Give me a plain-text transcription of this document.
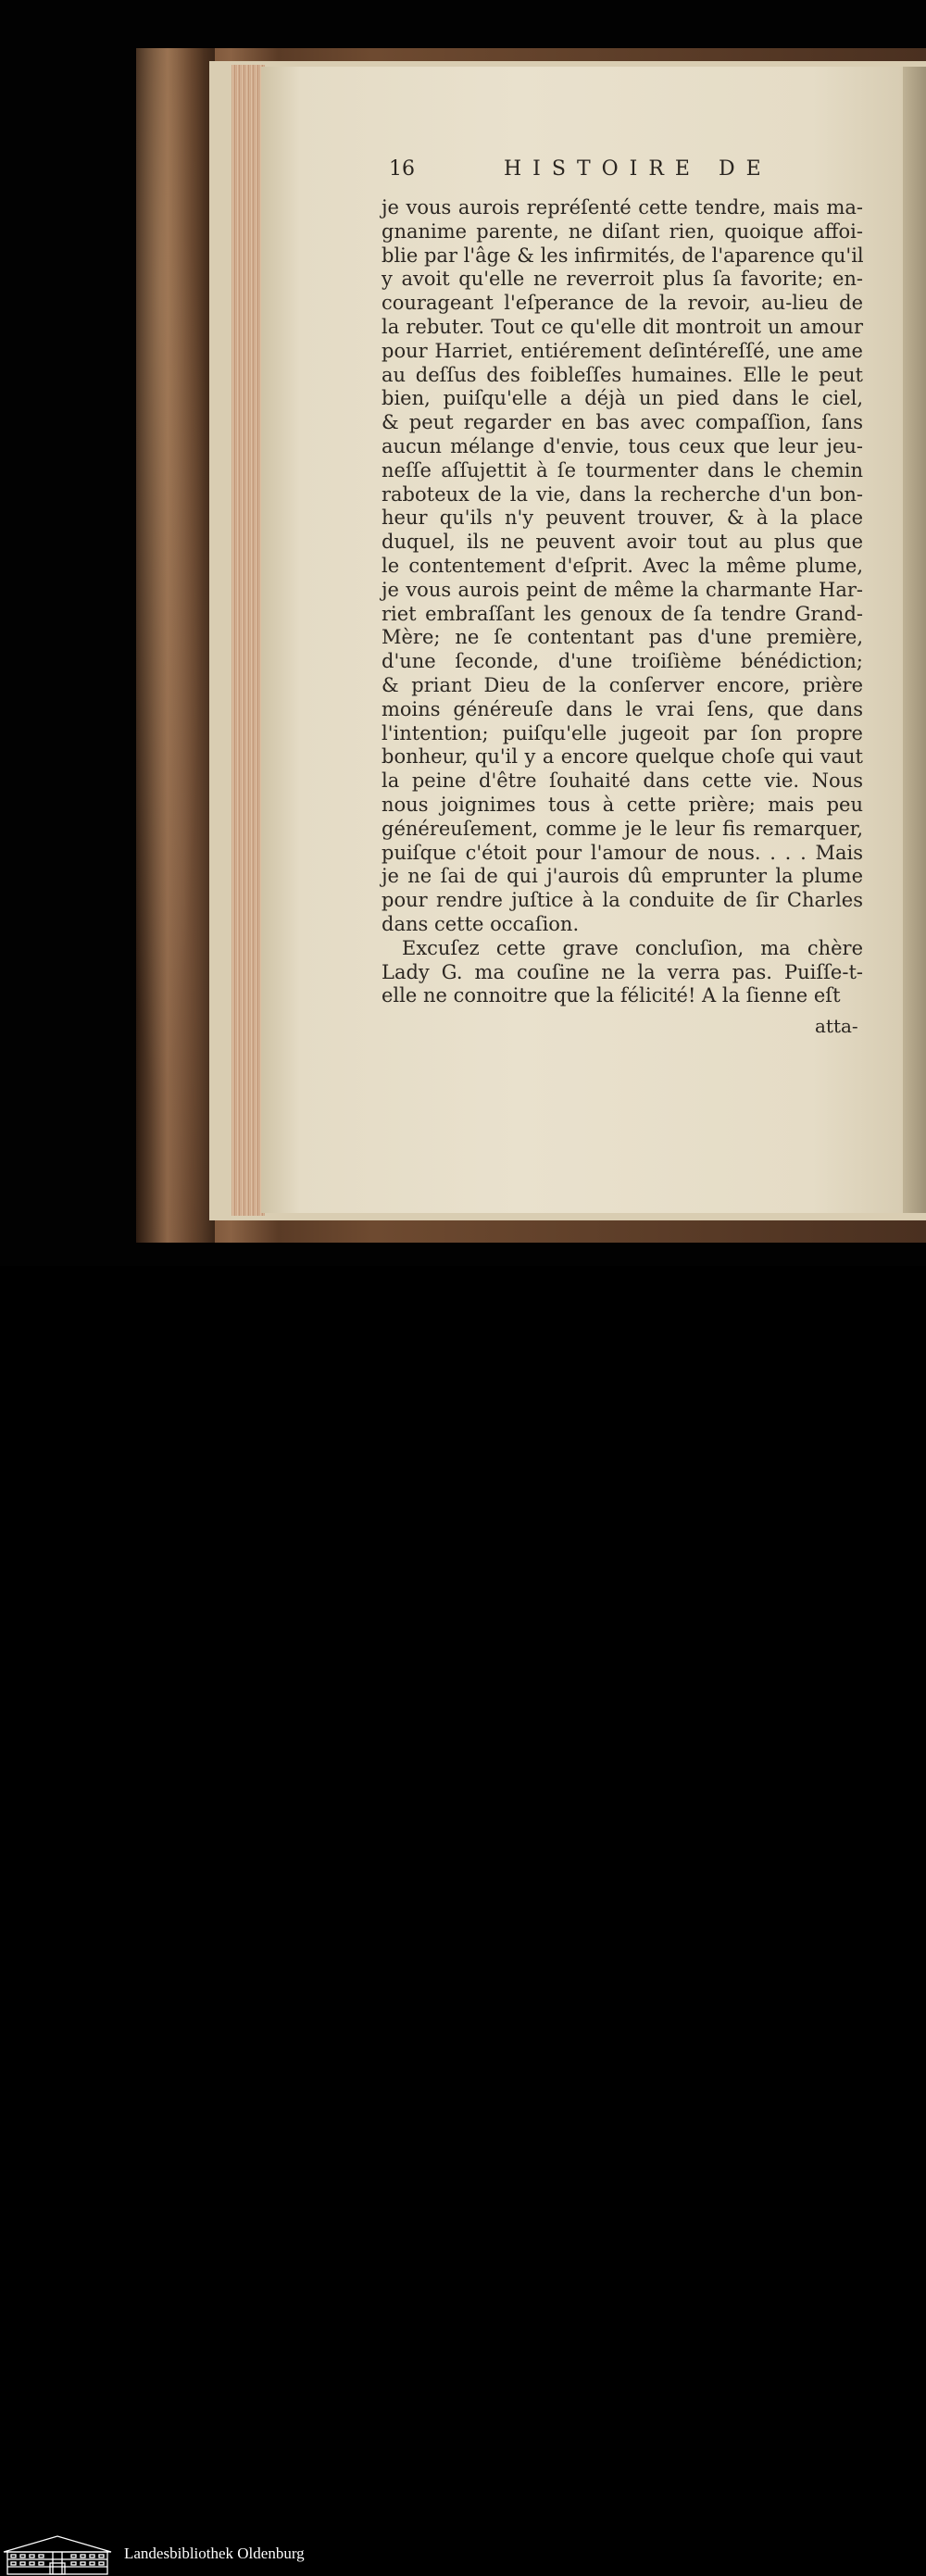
16	HISTOIRE DE
je vous aurois repréſenté cette tendre, mais ma-
gnanime parente, ne diſant rien, quoique affoi-
blie par l'âge & les infirmités, de l'aparence qu'il
y avoit qu'elle ne reverroit plus ſa favorite; en-
courageant l'eſperance de la revoir, au-lieu de
la rebuter. Tout ce qu'elle dit montroit un amour
pour Harriet, entiérement deſintéreſſé, une ame
au deſſus des foibleſſes humaines. Elle le peut
bien, puiſqu'elle a déjà un pied dans le ciel,
& peut regarder en bas avec compaſſion, ſans
aucun mélange d'envie, tous ceux que leur jeu-
neſſe aſſujettit à ſe tourmenter dans le chemin
raboteux de la vie, dans la recherche d'un bon-
heur qu'ils n'y peuvent trouver, & à la place
duquel, ils ne peuvent avoir tout au plus que
le contentement d'eſprit. Avec la même plume,
je vous aurois peint de même la charmante Har-
riet embraſſant les genoux de ſa tendre Grand-
Mère; ne ſe contentant pas d'une première,
d'une ſeconde, d'une troiſième bénédiction;
& priant Dieu de la conſerver encore, prière
moins généreuſe dans le vrai ſens, que dans
l'intention; puiſqu'elle jugeoit par ſon propre
bonheur, qu'il y a encore quelque choſe qui vaut
la peine d'être ſouhaité dans cette vie. Nous
nous joignimes tous à cette prière; mais peu
généreuſement, comme je le leur fis remarquer,
puiſque c'étoit pour l'amour de nous. . . . Mais
je ne ſai de qui j'aurois dû emprunter la plume
pour rendre juſtice à la conduite de ſir Charles
dans cette occaſion.
Excuſez cette grave concluſion, ma chère
Lady G. ma couſine ne la verra pas. Puiſſe-t-
elle ne connoitre que la félicité! A la ſienne eſt
atta-
Landesbibliothek Oldenburg
